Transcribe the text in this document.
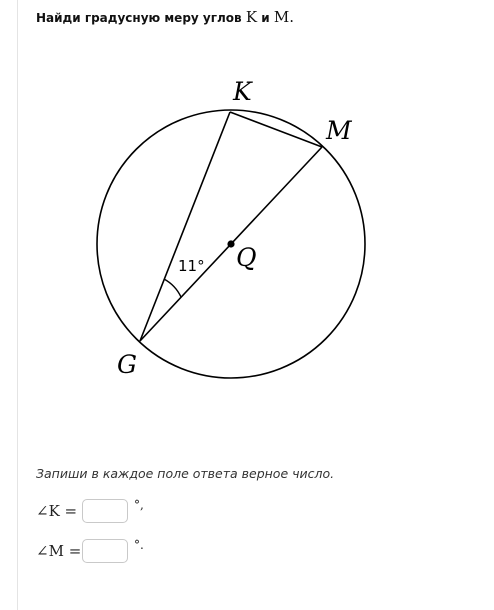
Найди градусную меру углов K и M.
11°
K
M
Q
G
Запиши в каждое поле ответа верное число.
∠K =	°,
∠M =	°.
